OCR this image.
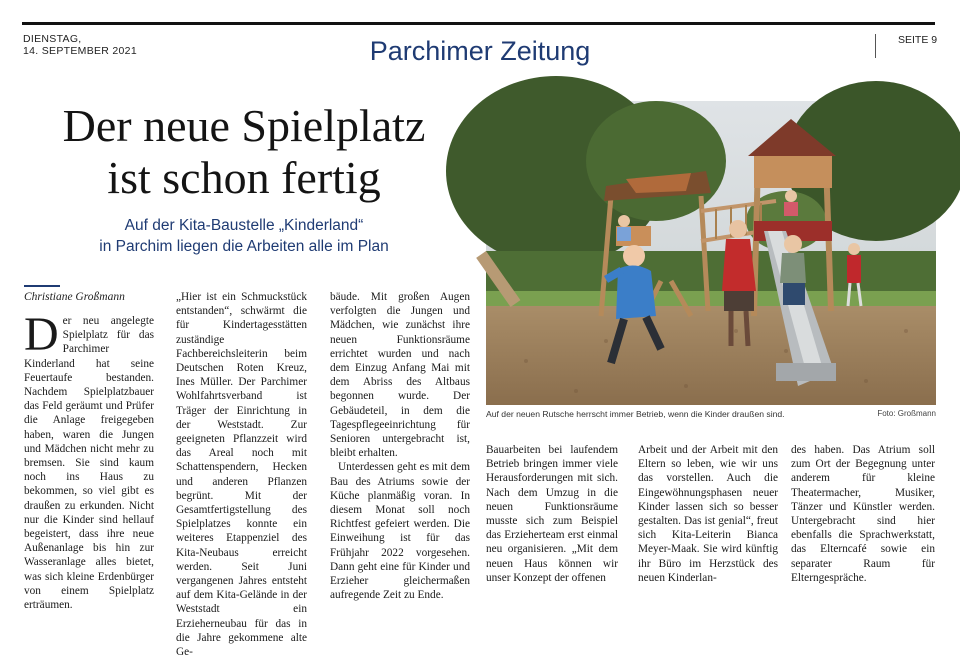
DIENSTAG,
14. SEPTEMBER 2021	Parchimer Zeitung	SEITE 9
Der neue Spielplatz
ist schon fertig
Auf der Kita-Baustelle „Kinderland“
in Parchim liegen die Arbeiten alle im Plan
Christiane Großmann

Der neu angelegte Spielplatz für das Parchimer Kinderland hat seine Feuertaufe bestanden. Nachdem Spielplatzbauer das Feld geräumt und Prüfer die Anlage freigegeben haben, waren die Jungen und Mädchen nicht mehr zu bremsen. Sie sind kaum noch ins Haus zu bekommen, so viel gibt es draußen zu erkunden. Nicht nur die Kinder sind hellauf begeistert, dass ihre neue Außenanlage bis hin zur Wasseranlage alles bietet, was sich kleine Erdenbürger von einem Spielplatz erträumen.

„Hier ist ein Schmuckstück entstanden“, schwärmt die für Kindertagesstätten zuständige Fachbereichsleiterin beim Deutschen Roten Kreuz, Ines Müller. Der Parchimer Wohlfahrtsverband ist Träger der Einrichtung in der Weststadt. Zur geeigneten Pflanzzeit wird das Areal noch mit Schattenspendern, Hecken und anderen Pflanzen begrünt. Mit der Gesamtfertigstellung des Spielplatzes konnte ein weiteres Etappenziel des Kita-Neubaus erreicht werden. Seit Juni vergangenen Jahres entsteht auf dem Kita-Gelände in der Weststadt ein Erzieherneubau für das in die Jahre gekommene alte Ge-

bäude. Mit großen Augen verfolgten die Jungen und Mädchen, wie zunächst ihre neuen Funktionsräume errichtet wurden und nach dem Einzug Anfang Mai mit dem Abriss des Altbaus begonnen wurde. Der Gebäudeteil, in dem die Tagespflegeeinrichtung für Senioren untergebracht ist, bleibt erhalten.

Unterdessen geht es mit dem Bau des Atriums sowie der Küche planmäßig voran. In diesem Monat soll noch Richtfest gefeiert werden. Die Einweihung ist für das Frühjahr 2022 vorgesehen. Dann geht eine für Kinder und Erzieher gleichermaßen aufregende Zeit zu Ende.

Auf der neuen Rutsche herrscht immer Betrieb, wenn die Kinder draußen sind.	Foto: Großmann

Bauarbeiten bei laufendem Betrieb bringen immer viele Herausforderungen mit sich. Nach dem Umzug in die neuen Funktionsräume musste sich zum Beispiel das Erzieherteam erst einmal neu organisieren. „Mit dem neuen Haus können wir unser Konzept der offenen

Arbeit und der Arbeit mit den Eltern so leben, wie wir uns das vorstellen. Auch die Eingewöhnungsphasen neuer Kinder lassen sich so besser gestalten. Das ist genial“, freut sich Kita-Leiterin Bianca Meyer-Maak. Sie wird künftig ihr Büro im Herzstück des neuen Kinderlan-

des haben. Das Atrium soll zum Ort der Begegnung unter anderem für kleine Theatermacher, Musiker, Tänzer und Künstler werden. Untergebracht sind hier ebenfalls die Sprachwerkstatt, das Elterncafé sowie ein separater Raum für Elterngespräche.
